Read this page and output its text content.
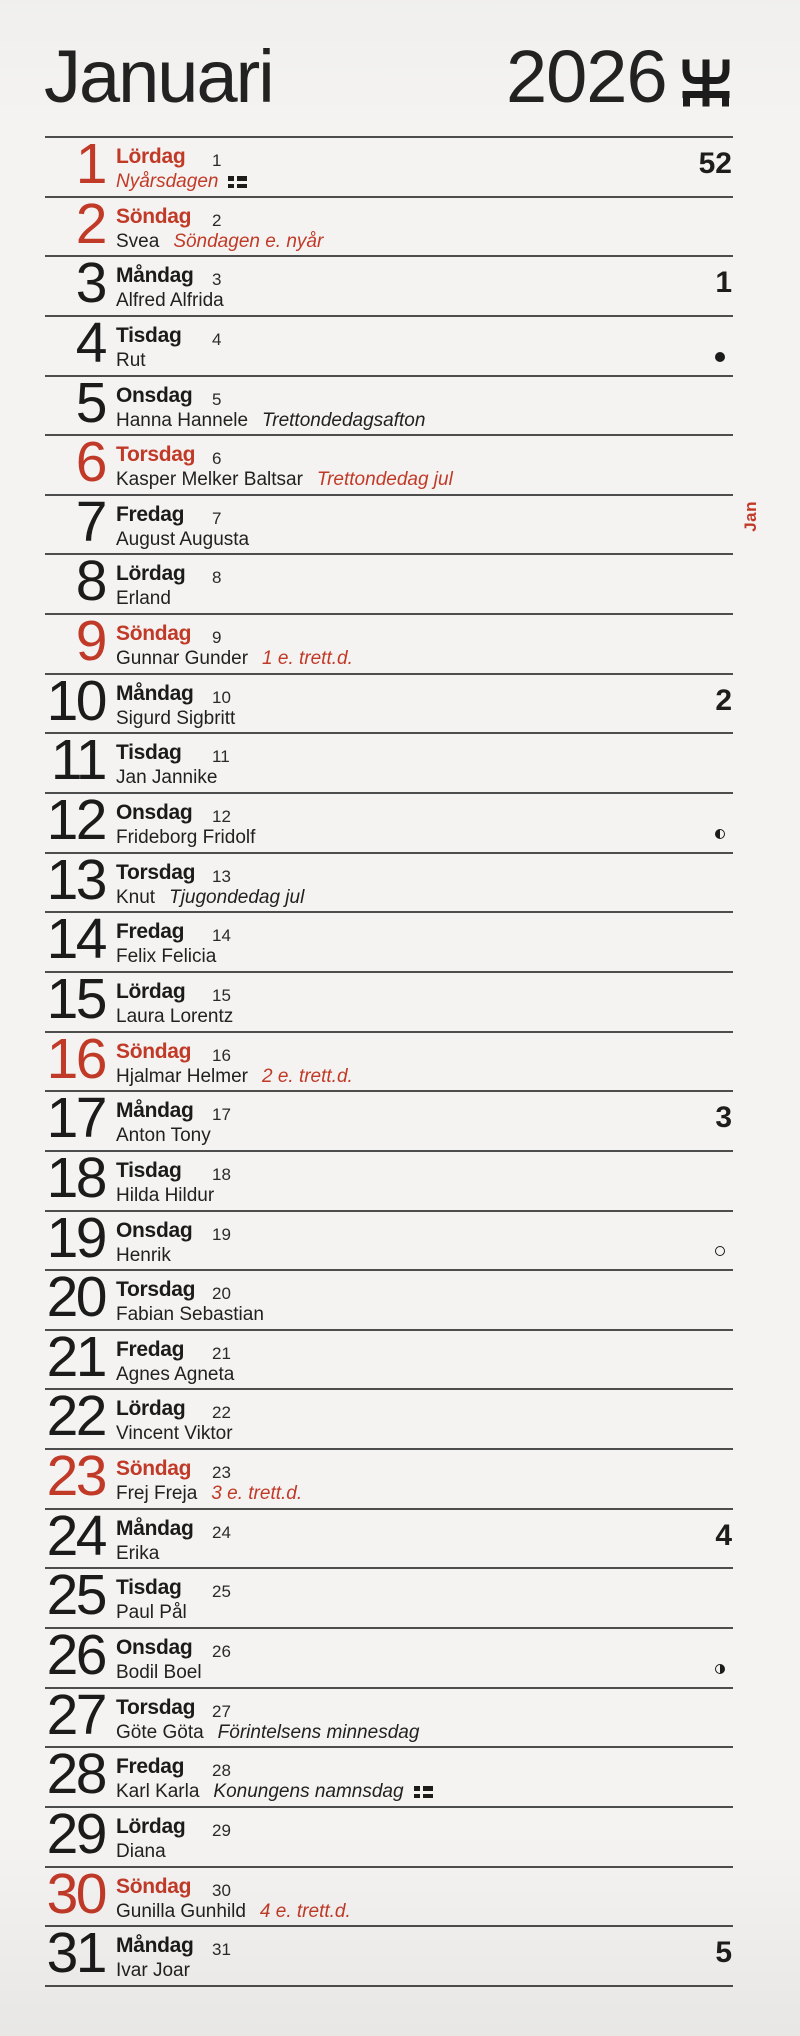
Januari	2026
1 Lördag 1
Nyårsdagen
52
2 Söndag 2
Svea Söndagen e. nyår
3 Måndag 3
Alfred Alfrida
1
4 Tisdag 4
Rut
5 Onsdag 5
Hanna Hannele Trettondedagsafton
6 Torsdag 6
Kasper Melker Baltsar Trettondedag jul
7 Fredag 7
August Augusta
8 Lördag 8
Erland
9 Söndag 9
Gunnar Gunder 1 e. trett.d.
10 Måndag 10
Sigurd Sigbritt
2
11 Tisdag 11
Jan Jannike
12 Onsdag 12
Frideborg Fridolf
13 Torsdag 13
Knut Tjugondedag jul
14 Fredag 14
Felix Felicia
15 Lördag 15
Laura Lorentz
16 Söndag 16
Hjalmar Helmer 2 e. trett.d.
17 Måndag 17
Anton Tony
3
18 Tisdag 18
Hilda Hildur
19 Onsdag 19
Henrik
20 Torsdag 20
Fabian Sebastian
21 Fredag 21
Agnes Agneta
22 Lördag 22
Vincent Viktor
23 Söndag 23
Frej Freja 3 e. trett.d.
24 Måndag 24
Erika
4
25 Tisdag 25
Paul Pål
26 Onsdag 26
Bodil Boel
27 Torsdag 27
Göte Göta Förintelsens minnesdag
28 Fredag 28
Karl Karla Konungens namnsdag
29 Lördag 29
Diana
30 Söndag 30
Gunilla Gunhild 4 e. trett.d.
31 Måndag 31
Ivar Joar
5
Jan
